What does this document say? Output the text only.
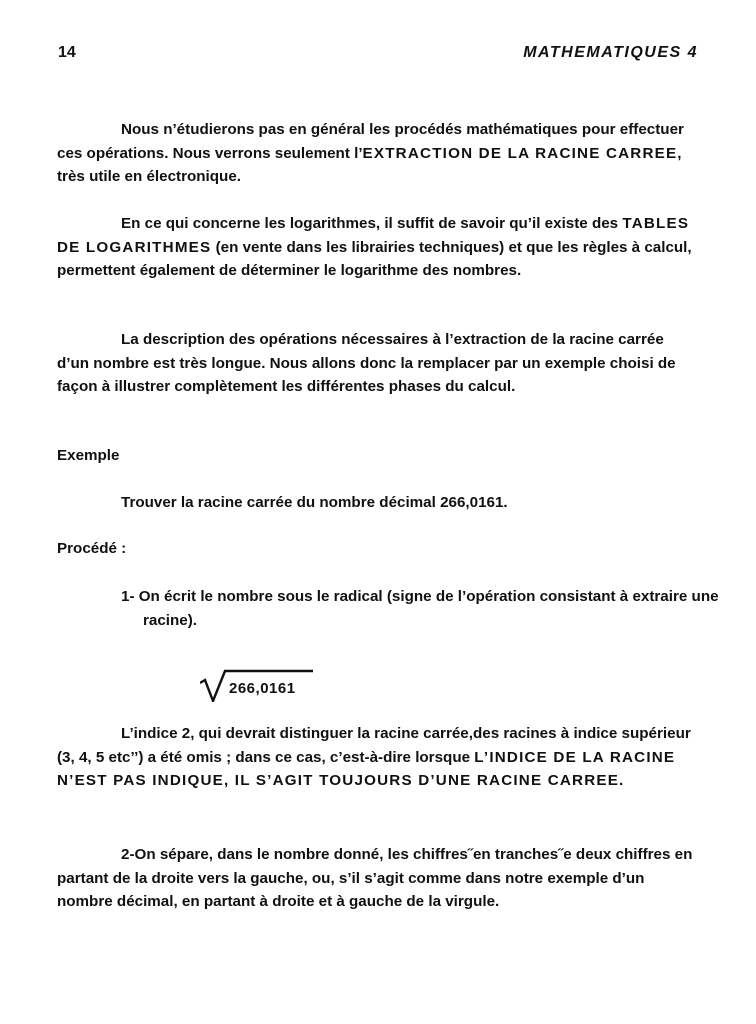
14	MATHEMATIQUES 4

Nous n’étudierons pas en général les procédés mathématiques pour effectuer ces opérations. Nous verrons seulement l’EXTRACTION DE LA RACINE CARREE, très utile en électronique.

En ce qui concerne les logarithmes, il suffit de savoir qu’il existe des TABLES DE LOGARITHMES (en vente dans les librairies techniques) et que les règles à calcul, permettent également de déterminer le logarithme des nombres.

La description des opérations nécessaires à l’extraction de la racine carrée d’un nombre est très longue. Nous allons donc la remplacer par un exemple choisi de façon à illustrer complètement les différentes phases du calcul.

Exemple

Trouver la racine carrée du nombre décimal 266,0161.

Procédé :

1- On écrit le nombre sous le radical (signe de l’opération consistant à extraire une racine).

266,0161

L’indice 2, qui devrait distinguer la racine carrée,des racines à indice supérieur (3, 4, 5 etc’’) a été omis ; dans ce cas, c’est-à-dire lorsque L’INDICE DE LA RACINE N’EST PAS INDIQUE, IL S’AGIT TOUJOURS D’UNE RACINE CARREE.

2-On sépare, dans le nombre donné, les chiffres˝en tranches˝e deux chiffres en partant de la droite vers la gauche, ou, s’il s’agit comme dans notre exemple d’un nombre décimal, en partant à droite et à gauche de la virgule.
